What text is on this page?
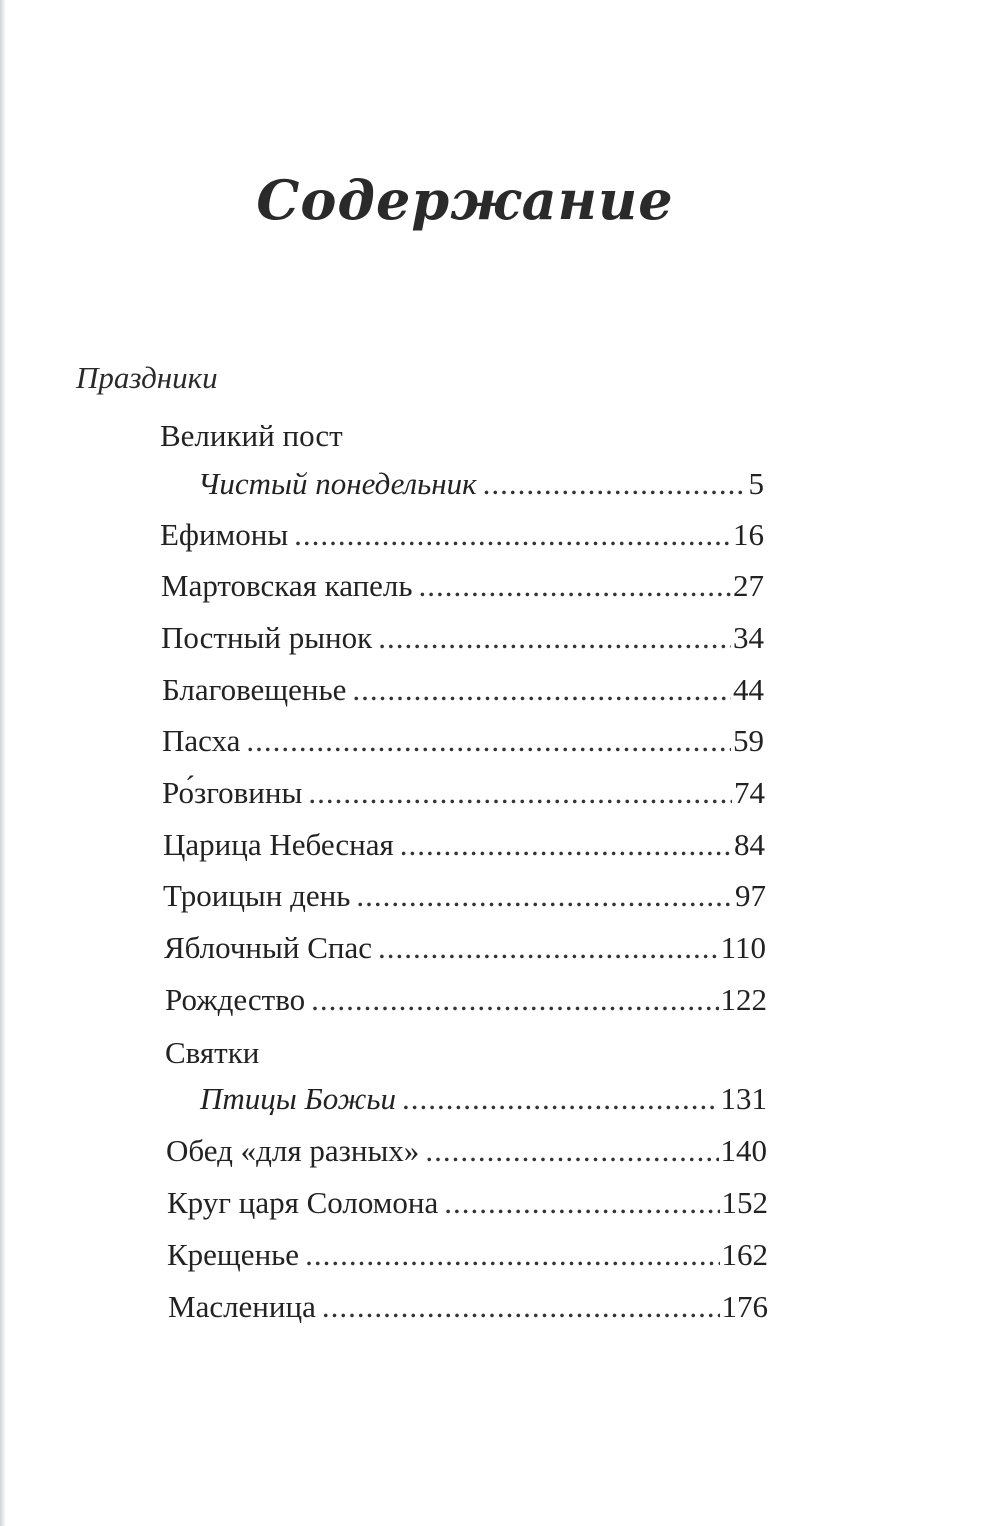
Содержание
Праздники
Великий пост
Чистый понедельник .....	5
Ефимоны .....	16
Мартовская капель .....	27
Постный рынок .....	34
Благовещенье .....	44
Пасха .....	59
Ро́зговины .....	74
Царица Небесная .....	84
Троицын день .....	97
Яблочный Спас .....	110
Рождество .....	122
Святки
Птицы Божьи .....	131
Обед «для разных» .....	140
Круг царя Соломона .....	152
Крещенье .....	162
Масленица .....	176
